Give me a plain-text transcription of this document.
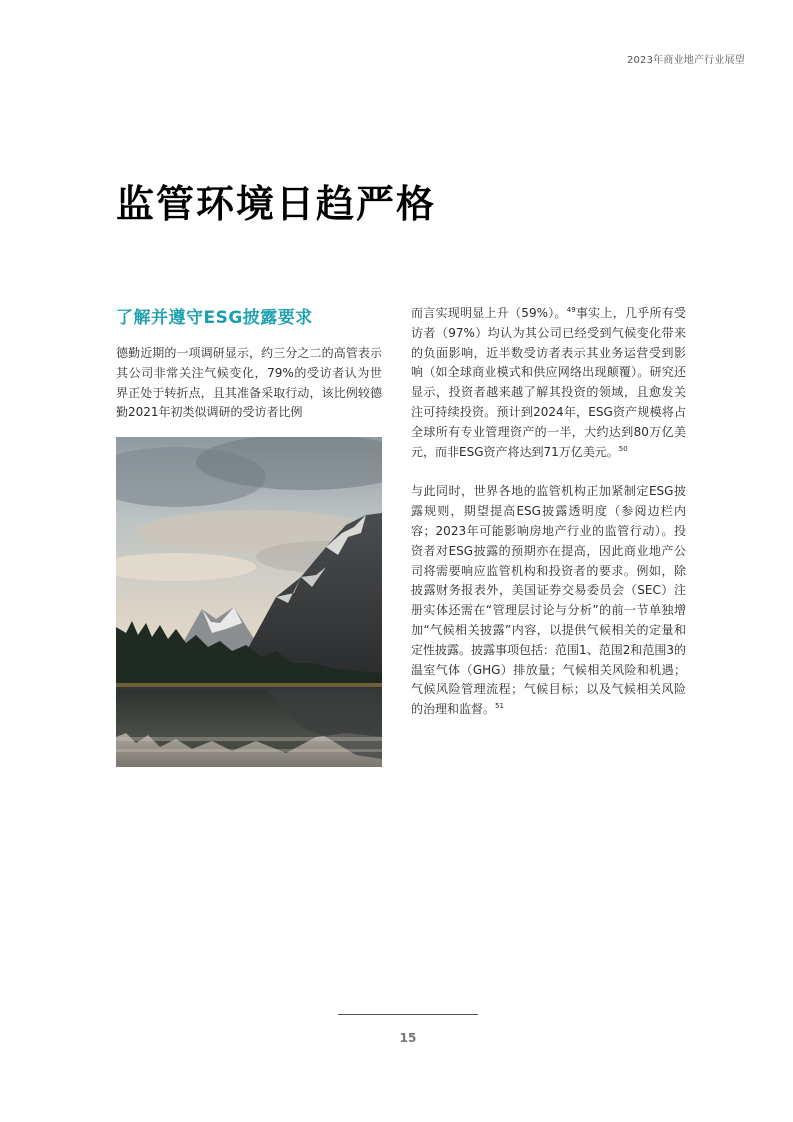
2023年商业地产行业展望
监管环境日趋严格
了解并遵守ESG披露要求

德勤近期的一项调研显示，约三分之二的高管表示其公司非常关注气候变化，79%的受访者认为世界正处于转折点，且其准备采取行动，该比例较德勤2021年初类似调研的受访者比例

而言实现明显上升（59%）。$^{49}$事实上，几乎所有受访者（97%）均认为其公司已经受到气候变化带来的负面影响，近半数受访者表示其业务运营受到影响（如全球商业模式和供应网络出现颠覆）。研究还显示，投资者越来越了解其投资的领域，且愈发关注可持续投资。预计到2024年，ESG资产规模将占全球所有专业管理资产的一半，大约达到80万亿美元，而非ESG资产将达到71万亿美元。$^{50}$

与此同时，世界各地的监管机构正加紧制定ESG披露规则，期望提高ESG披露透明度（参阅边栏内容；2023年可能影响房地产行业的监管行动）。投资者对ESG披露的预期亦在提高，因此商业地产公司将需要响应监管机构和投资者的要求。例如，除披露财务报表外，美国证券交易委员会（SEC）注册实体还需在“管理层讨论与分析”的前一节单独增加“气候相关披露”内容，以提供气候相关的定量和定性披露。披露事项包括：范围1、范围2和范围3的温室气体（GHG）排放量；气候相关风险和机遇；气候风险管理流程；气候目标；以及气候相关风险的治理和监督。$^{51}$

15
